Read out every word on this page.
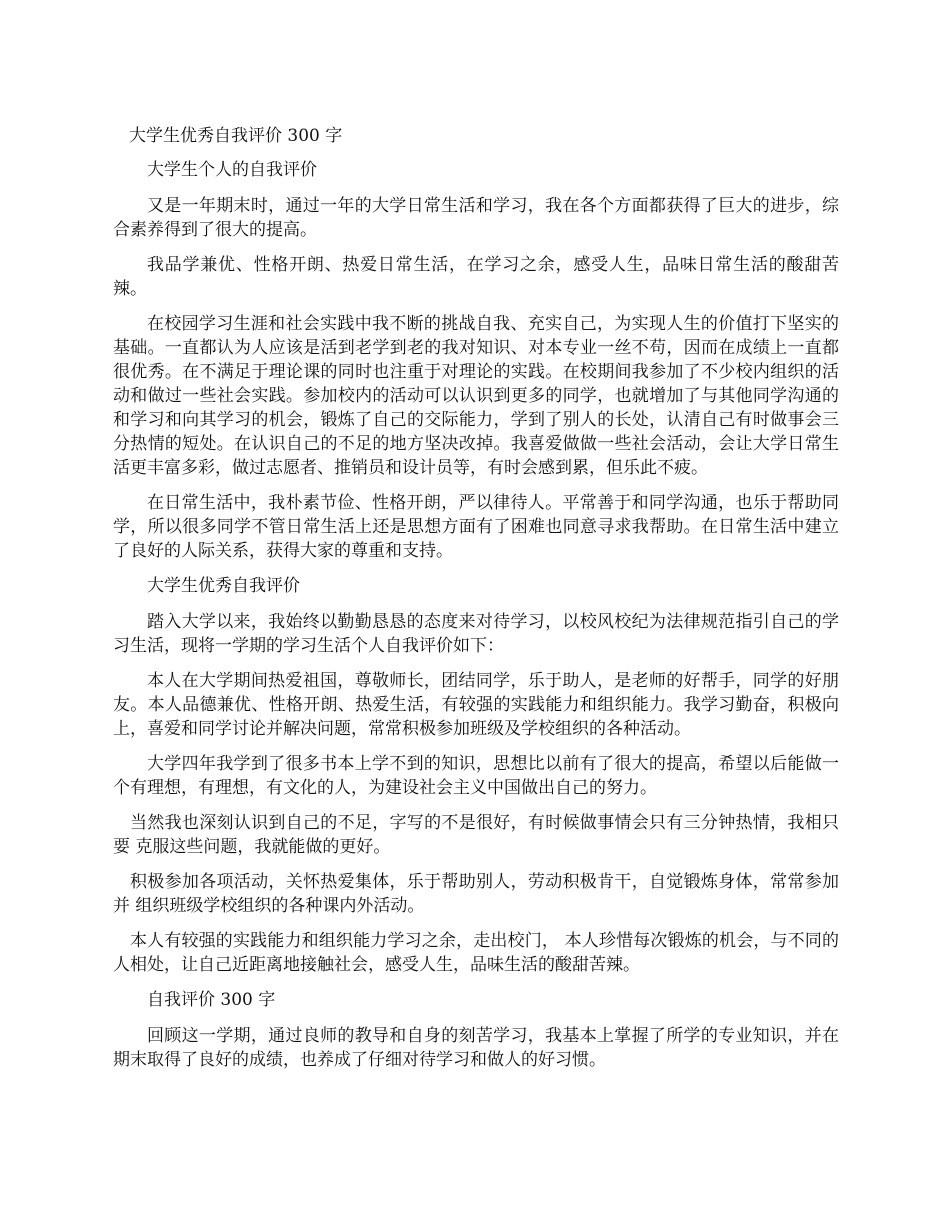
大学生优秀自我评价 300 字
大学生个人的自我评价

又是一年期末时，通过一年的大学日常生活和学习，我在各个方面都获得了巨大的进步，综合素养得到了很大的提高。

我品学兼优、性格开朗、热爱日常生活，在学习之余，感受人生，品味日常生活的酸甜苦辣。

在校园学习生涯和社会实践中我不断的挑战自我、充实自己，为实现人生的价值打下坚实的基础。一直都认为人应该是活到老学到老的我对知识、对本专业一丝不苟，因而在成绩上一直都很优秀。在不满足于理论课的同时也注重于对理论的实践。在校期间我参加了不少校内组织的活动和做过一些社会实践。参加校内的活动可以认识到更多的同学，也就增加了与其他同学沟通的和学习和向其学习的机会，锻炼了自己的交际能力，学到了别人的长处，认清自己有时做事会三分热情的短处。在认识自己的不足的地方坚决改掉。我喜爱做做一些社会活动，会让大学日常生活更丰富多彩，做过志愿者、推销员和设计员等，有时会感到累，但乐此不疲。

在日常生活中，我朴素节俭、性格开朗，严以律待人。平常善于和同学沟通，也乐于帮助同学，所以很多同学不管日常生活上还是思想方面有了困难也同意寻求我帮助。在日常生活中建立了良好的人际关系，获得大家的尊重和支持。

大学生优秀自我评价

踏入大学以来，我始终以勤勤恳恳的态度来对待学习，以校风校纪为法律规范指引自己的学习生活，现将一学期的学习生活个人自我评价如下：

本人在大学期间热爱祖国，尊敬师长，团结同学，乐于助人，是老师的好帮手，同学的好朋友。本人品德兼优、性格开朗、热爱生活，有较强的实践能力和组织能力。我学习勤奋，积极向上，喜爱和同学讨论并解决问题，常常积极参加班级及学校组织的各种活动。

大学四年我学到了很多书本上学不到的知识，思想比以前有了很大的提高，希望以后能做一个有理想，有理想，有文化的人，为建设社会主义中国做出自己的努力。

当然我也深刻认识到自己的不足，字写的不是很好，有时候做事情会只有三分钟热情，我相只要 克服这些问题，我就能做的更好。

积极参加各项活动，关怀热爱集体，乐于帮助别人，劳动积极肯干，自觉锻炼身体，常常参加并 组织班级学校组织的各种课内外活动。

本人有较强的实践能力和组织能力学习之余，走出校门， 本人珍惜每次锻炼的机会，与不同的人相处，让自己近距离地接触社会，感受人生，品味生活的酸甜苦辣。

自我评价 300 字

回顾这一学期，通过良师的教导和自身的刻苦学习，我基本上掌握了所学的专业知识，并在期末取得了良好的成绩，也养成了仔细对待学习和做人的好习惯。
